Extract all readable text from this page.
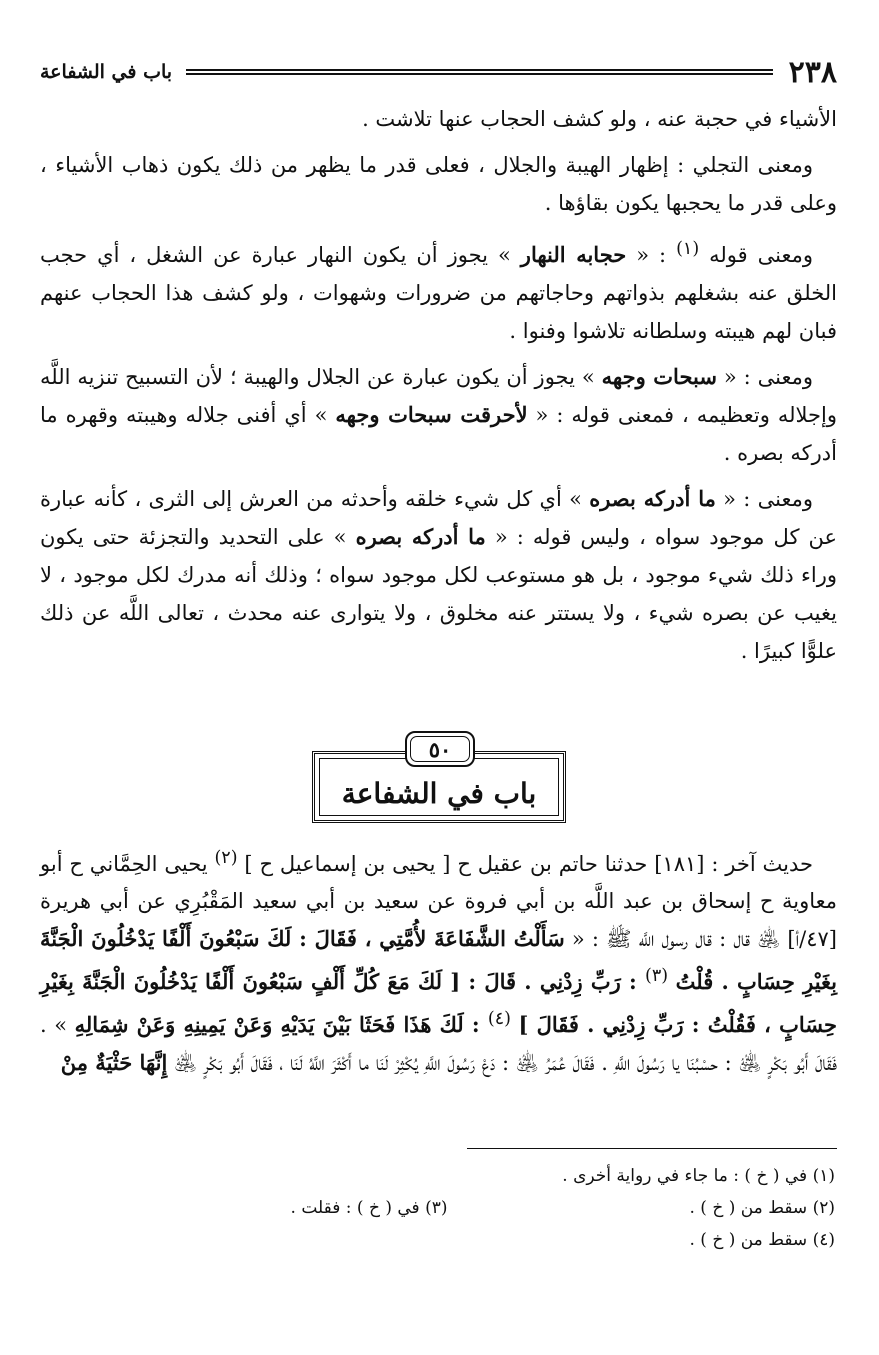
٢٣٨
باب في الشفاعة

الأشياء في حجبة عنه ، ولو كشف الحجاب عنها تلاشت .

ومعنى التجلي : إظهار الهيبة والجلال ، فعلى قدر ما يظهر من ذلك يكون ذهاب الأشياء ، وعلى قدر ما يحجبها يكون بقاؤها .

ومعنى قوله $^{(١)}$ : « حجابه النهار » يجوز أن يكون النهار عبارة عن الشغل ، أي حجب الخلق عنه بشغلهم بذواتهم وحاجاتهم من ضرورات وشهوات ، ولو كشف هذا الحجاب عنهم فبان لهم هيبته وسلطانه تلاشوا وفنوا .

ومعنى : « سبحات وجهه » يجوز أن يكون عبارة عن الجلال والهيبة ؛ لأن التسبيح تنزيه اللَّه وإجلاله وتعظيمه ، فمعنى قوله : « لأحرقت سبحات وجهه » أي أفنى جلاله وهيبته وقهره ما أدركه بصره .

ومعنى : « ما أدركه بصره » أي كل شيء خلقه وأحدثه من العرش إلى الثرى ، كأنه عبارة عن كل موجود سواه ، وليس قوله : « ما أدركه بصره » على التحديد والتجزئة حتى يكون وراء ذلك شيء موجود ، بل هو مستوعب لكل موجود سواه ؛ وذلك أنه مدرك لكل موجود ، لا يغيب عن بصره شيء ، ولا يستتر عنه مخلوق ، ولا يتوارى عنه محدث ، تعالى اللَّه عن ذلك علوًّا كبيرًا .

٥٠
باب في الشفاعة

حديث آخر : [١٨١] حدثنا حاتم بن عقيل ح [ يحيى بن إسماعيل ح ] $^{(٢)}$ يحيى الحِمَّاني ح أبو معاوية ح إسحاق بن عبد اللَّه بن أبي فروة عن سعيد بن أبي سعيد المَقْبُرِي عن أبي هريرة [٤٧/أ] ﵁ قال : قال رسول اللَّه ﷺ : « سَأَلْتُ الشَّفَاعَةَ لأُمَّتِي ، فَقَالَ : لَكَ سَبْعُونَ أَلْفًا يَدْخُلُونَ الْجَنَّةَ بِغَيْرِ حِسَابٍ . قُلْتُ $^{(٣)}$ : رَبِّ زِدْنِي . قَالَ : [ لَكَ مَعَ كُلِّ أَلْفٍ سَبْعُونَ أَلْفًا يَدْخُلُونَ الْجَنَّةَ بِغَيْرِ حِسَابٍ ، فَقُلْتُ : رَبِّ زِدْنِي . فَقَالَ ] $^{(٤)}$ : لَكَ هَذَا فَحَثَا بَيْنَ يَدَيْهِ وَعَنْ يَمِينِهِ وَعَنْ شِمَالِهِ » . فَقَالَ أَبُو بَكْرٍ ﵁ : حسْبُنَا يا رَسُولَ اللَّهِ . فَقَالَ عُمَرُ ﵁ : دَعْ رَسُولَ اللَّهِ يُكْثِرْ لَنَا ما أَكْثَرَ اللَّهُ لَنَا ، فَقَالَ أَبُو بَكْرٍ ﵁ إِنَّهَا حَثْيَةٌ مِنْ

(١) في ( خ ) : ما جاء في رواية أخرى .
(٢) سقط من ( خ ) .
(٣) في ( خ ) : فقلت .
(٤) سقط من ( خ ) .
